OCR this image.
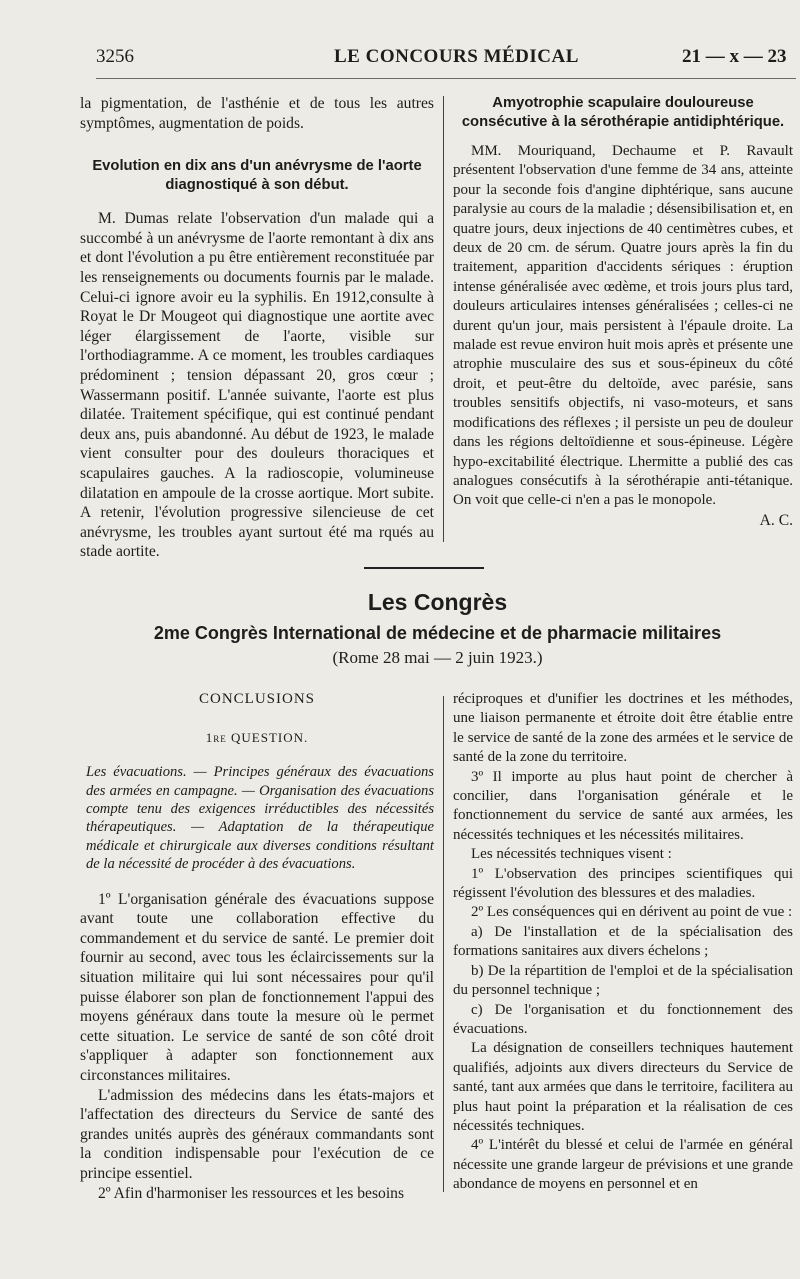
3256	LE CONCOURS MÉDICAL	21 — x — 23

la pigmentation, de l'asthénie et de tous les autres symptômes, augmentation de poids.

Evolution en dix ans d'un anévrysme de l'aorte diagnostiqué à son début.

M. Dumas relate l'observation d'un malade qui a succombé à un anévrysme de l'aorte remontant à dix ans et dont l'évolution a pu être entièrement reconstituée par les renseignements ou documents fournis par le malade. Celui-ci ignore avoir eu la syphilis. En 1912,consulte à Royat le Dr Mougeot qui diagnostique une aortite avec léger élargissement de l'aorte, visible sur l'orthodiagramme. A ce moment, les troubles cardiaques prédominent ; tension dépassant 20, gros cœur ; Wassermann positif. L'année suivante, l'aorte est plus dilatée. Traitement spécifique, qui est continué pendant deux ans, puis abandonné. Au début de 1923, le malade vient consulter pour des douleurs thoraciques et scapulaires gauches. A la radioscopie, volumineuse dilatation en ampoule de la crosse aortique. Mort subite. A retenir, l'évolution progressive silencieuse de cet anévrysme, les troubles ayant surtout été ma rqués au stade aortite.

Amyotrophie scapulaire douloureuse consécutive à la sérothérapie antidiphtérique.

MM. Mouriquand, Dechaume et P. Ravault présentent l'observation d'une femme de 34 ans, atteinte pour la seconde fois d'angine diphtérique, sans aucune paralysie au cours de la maladie ; désensibilisation et, en quatre jours, deux injections de 40 centimètres cubes, et deux de 20 cm. de sérum. Quatre jours après la fin du traitement, apparition d'accidents sériques : éruption intense généralisée avec œdème, et trois jours plus tard, douleurs articulaires intenses généralisées ; celles-ci ne durent qu'un jour, mais persistent à l'épaule droite. La malade est revue environ huit mois après et présente une atrophie musculaire des sus et sous-épineux du côté droit, et peut-être du deltoïde, avec parésie, sans troubles sensitifs objectifs, ni vaso-moteurs, et sans modifications des réflexes ; il persiste un peu de douleur dans les régions deltoïdienne et sous-épineuse. Légère hypo-excitabilité électrique. Lhermitte a publié des cas analogues consécutifs à la sérothérapie anti-tétanique. On voit que celle-ci n'en a pas le monopole.

A. C.

Les Congrès

2me Congrès International de médecine et de pharmacie militaires

(Rome 28 mai — 2 juin 1923.)

CONCLUSIONS

1re QUESTION.

Les évacuations. — Principes généraux des évacuations des armées en campagne. — Organisation des évacuations compte tenu des exigences irréductibles des nécessités thérapeutiques. — Adaptation de la thérapeutique médicale et chirurgicale aux diverses conditions résultant de la nécessité de procéder à des évacuations.

1º L'organisation générale des évacuations suppose avant toute une collaboration effective du commandement et du service de santé. Le premier doit fournir au second, avec tous les éclaircissements sur la situation militaire qui lui sont nécessaires pour qu'il puisse élaborer son plan de fonctionnement l'appui des moyens généraux dans toute la mesure où le permet cette situation. Le service de santé de son côté droit s'appliquer à adapter son fonctionnement aux circonstances militaires.

L'admission des médecins dans les états-majors et l'affectation des directeurs du Service de santé des grandes unités auprès des généraux commandants sont la condition indispensable pour l'exécution de ce principe essentiel.

2º Afin d'harmoniser les ressources et les besoins

réciproques et d'unifier les doctrines et les méthodes, une liaison permanente et étroite doit être établie entre le service de santé de la zone des armées et le service de santé de la zone du territoire.

3º Il importe au plus haut point de chercher à concilier, dans l'organisation générale et le fonctionnement du service de santé aux armées, les nécessités techniques et les nécessités militaires.

Les nécessités techniques visent :

1º L'observation des principes scientifiques qui régissent l'évolution des blessures et des maladies.

2º Les conséquences qui en dérivent au point de vue :

a) De l'installation et de la spécialisation des formations sanitaires aux divers échelons ;

b) De la répartition de l'emploi et de la spécialisation du personnel technique ;

c) De l'organisation et du fonctionnement des évacuations.

La désignation de conseillers techniques hautement qualifiés, adjoints aux divers directeurs du Service de santé, tant aux armées que dans le territoire, facilitera au plus haut point la préparation et la réalisation de ces nécessités techniques.

4º L'intérêt du blessé et celui de l'armée en général nécessite une grande largeur de prévisions et une grande abondance de moyens en personnel et en
